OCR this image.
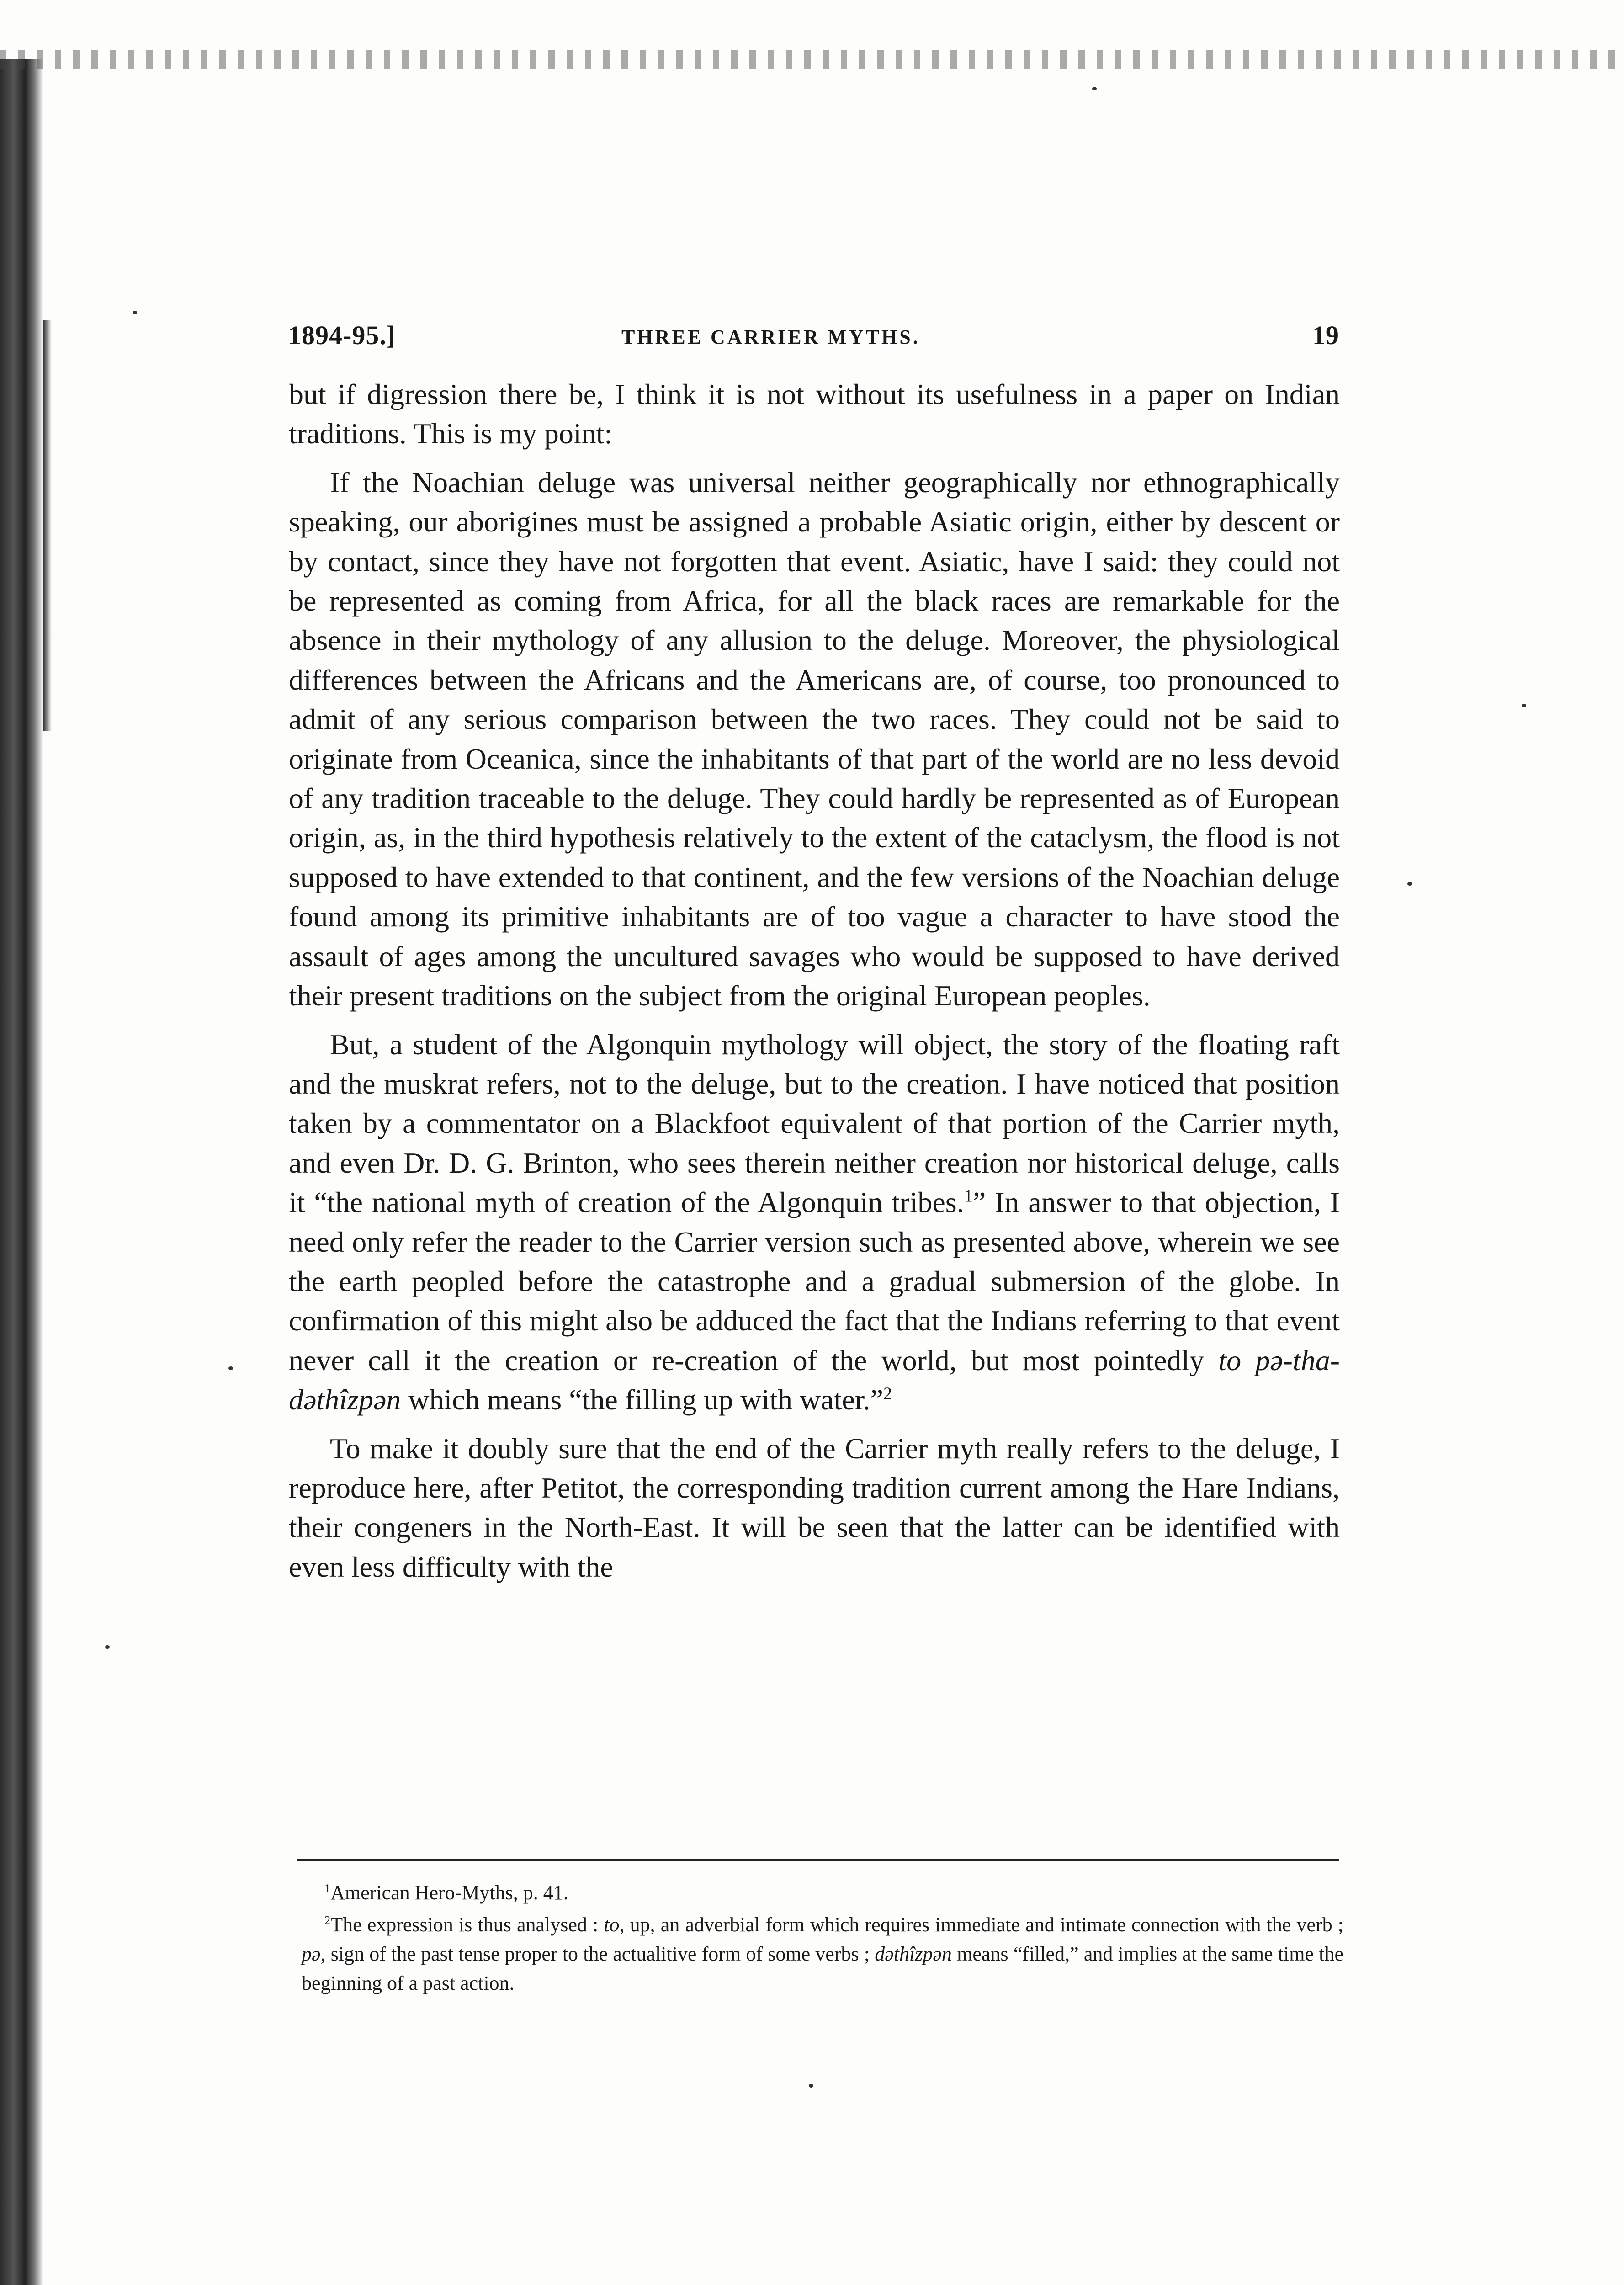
1894-95.]	THREE CARRIER MYTHS.	19

but if digression there be, I think it is not without its usefulness in a paper on Indian traditions. This is my point:

If the Noachian deluge was universal neither geographically nor ethnographically speaking, our aborigines must be assigned a probable Asiatic origin, either by descent or by contact, since they have not forgotten that event. Asiatic, have I said: they could not be represented as coming from Africa, for all the black races are remarkable for the absence in their mythology of any allusion to the deluge. Moreover, the physiological differences between the Africans and the Americans are, of course, too pronounced to admit of any serious comparison between the two races. They could not be said to originate from Oceanica, since the inhabitants of that part of the world are no less devoid of any tradition traceable to the deluge. They could hardly be represented as of European origin, as, in the third hypothesis relatively to the extent of the cataclysm, the flood is not supposed to have extended to that continent, and the few versions of the Noachian deluge found among its primitive inhabitants are of too vague a character to have stood the assault of ages among the uncultured savages who would be supposed to have derived their present traditions on the subject from the original European peoples.

But, a student of the Algonquin mythology will object, the story of the floating raft and the muskrat refers, not to the deluge, but to the creation. I have noticed that position taken by a commentator on a Blackfoot equivalent of that portion of the Carrier myth, and even Dr. D. G. Brinton, who sees therein neither creation nor historical deluge, calls it “the national myth of creation of the Algonquin tribes.$^1$” In answer to that objection, I need only refer the reader to the Carrier version such as presented above, wherein we see the earth peopled before the catastrophe and a gradual submersion of the globe. In confirmation of this might also be adduced the fact that the Indians referring to that event never call it the creation or re-creation of the world, but most pointedly to pə-tha-dəthîzpən which means “the filling up with water.”$^2$

To make it doubly sure that the end of the Carrier myth really refers to the deluge, I reproduce here, after Petitot, the corresponding tradition current among the Hare Indians, their congeners in the North-East. It will be seen that the latter can be identified with even less difficulty with the

$^1$American Hero-Myths, p. 41.

$^2$The expression is thus analysed : to, up, an adverbial form which requires immediate and intimate connection with the verb ; pə, sign of the past tense proper to the actualitive form of some verbs ; dəthîzpən means “filled,” and implies at the same time the beginning of a past action.
